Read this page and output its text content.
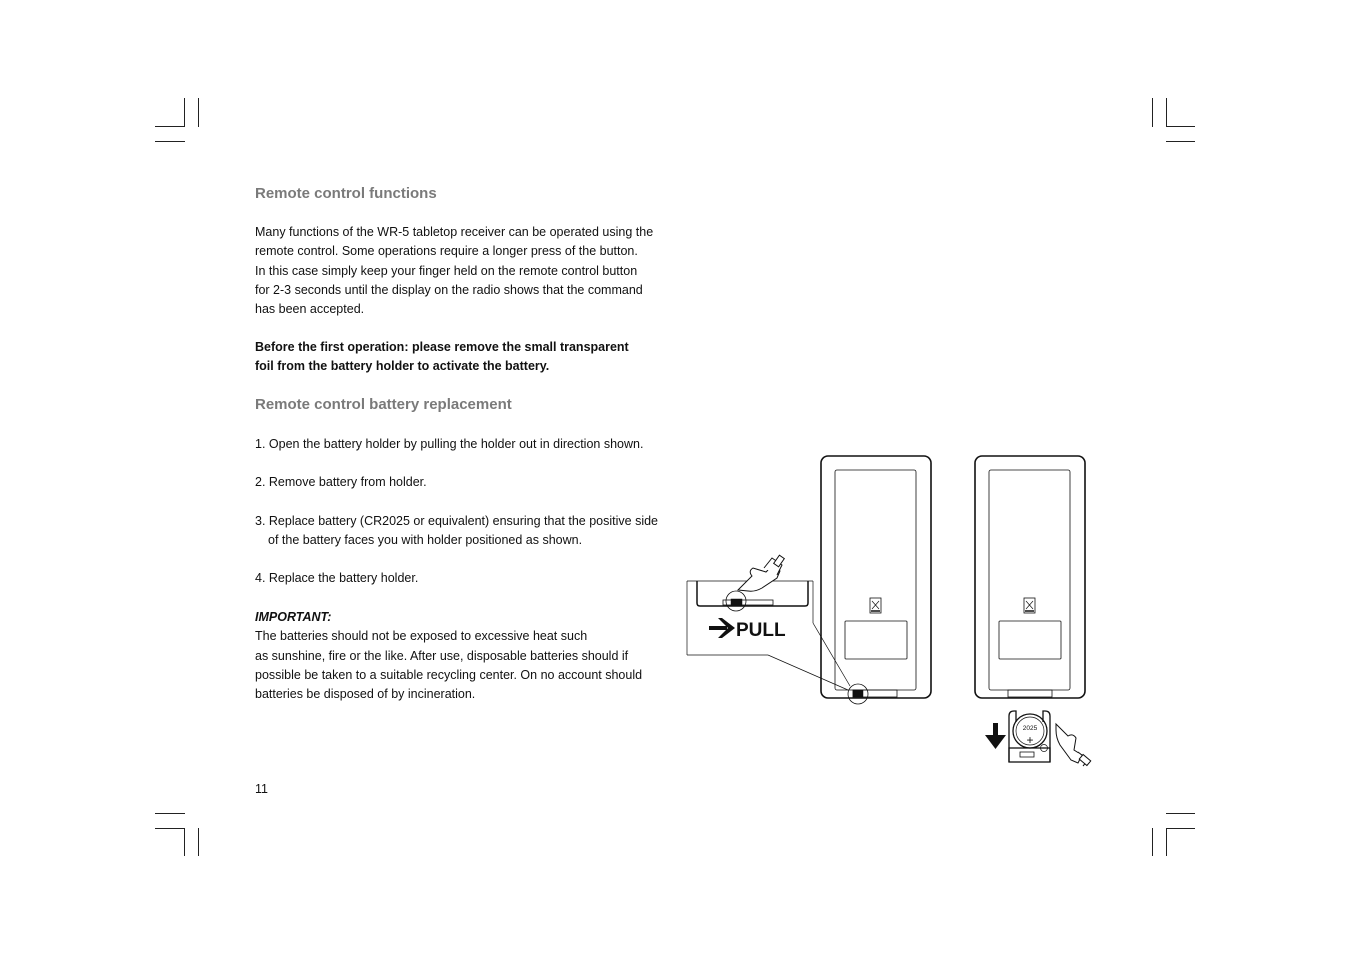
Remote control functions

Many functions of the WR-5 tabletop receiver can be operated using the
remote control. Some operations require a longer press of the button.
In this case simply keep your finger held on the remote control button
for 2-3 seconds until the display on the radio shows that the command
has been accepted.

Before the first operation: please remove the small transparent
foil from the battery holder to activate the battery.

Remote control battery replacement

1. Open the battery holder by pulling the holder out in direction shown.

2. Remove battery from holder.

3. Replace battery (CR2025 or equivalent) ensuring that the positive side
of the battery faces you with holder positioned as shown.

4. Replace the battery holder.

IMPORTANT:
The batteries should not be exposed to excessive heat such
as sunshine, fire or the like. After use, disposable batteries should if
possible be taken to a suitable recycling center. On no account should
batteries be disposed of by incineration.

PULL
2025
+
11
